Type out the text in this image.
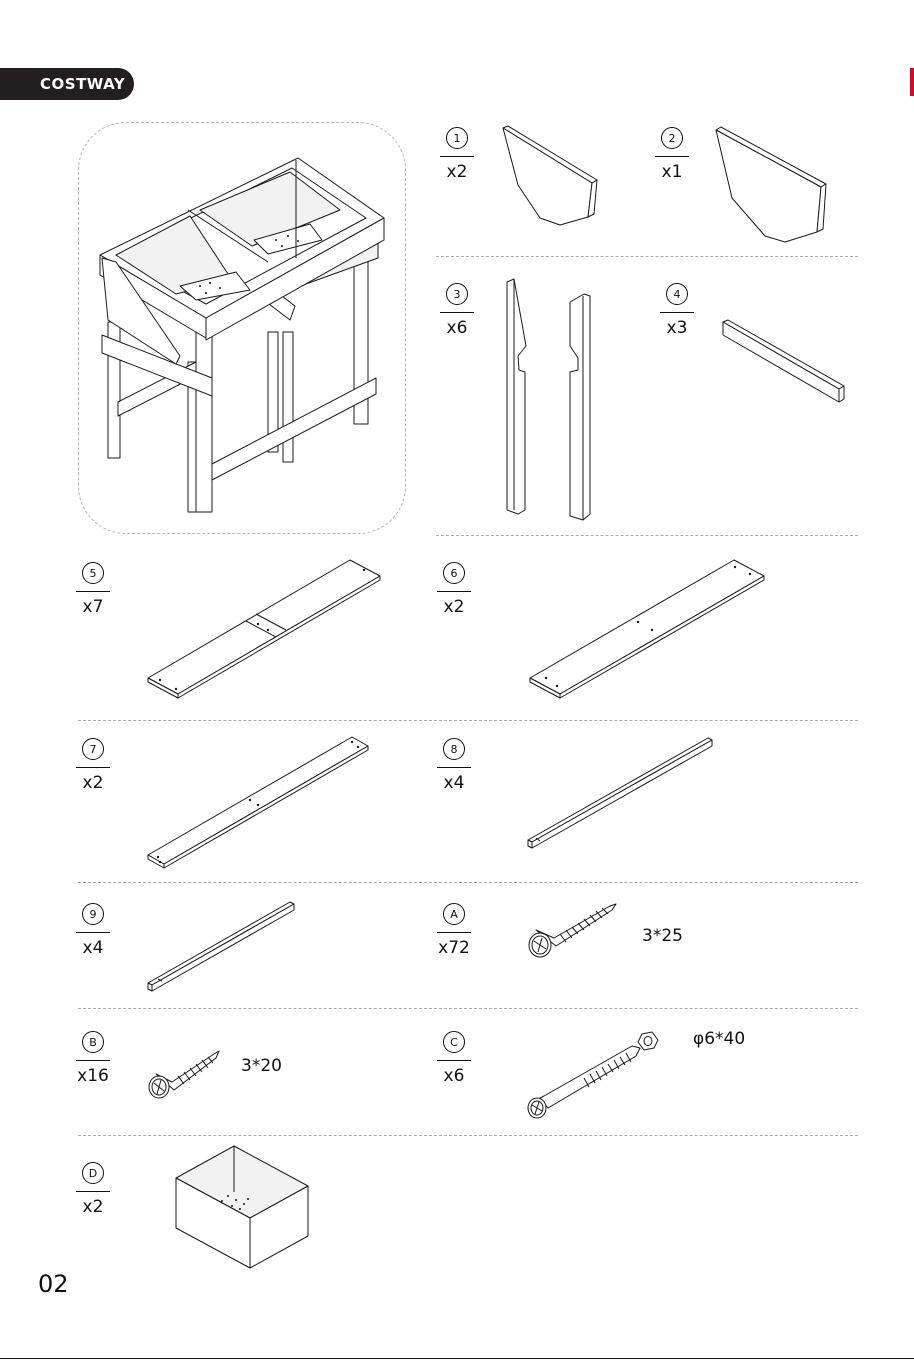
COSTWAY
1
x2
2
x1
3
x6
4
x3
5
x7
6
x2
7
x2
8
x4
9
x4
A
x72
B
x16
C
x6
D
x2
3*25
3*20
φ6*40
02
